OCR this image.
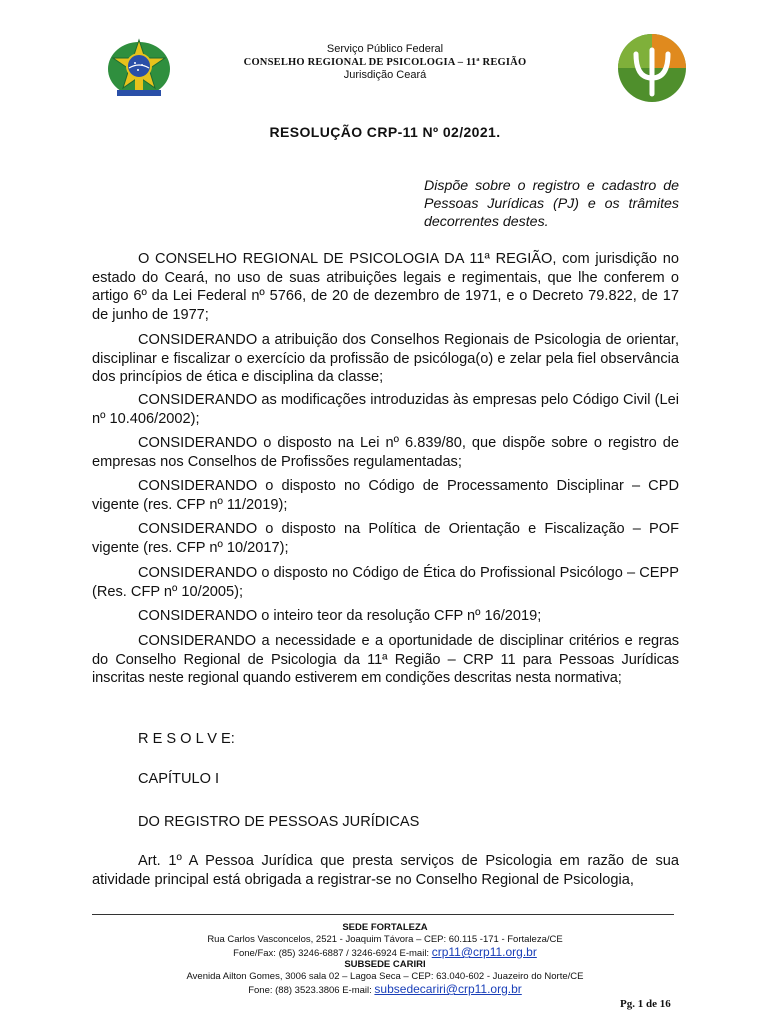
Serviço Público Federal
CONSELHO REGIONAL DE PSICOLOGIA – 11ª REGIÃO
Jurisdição Ceará
RESOLUÇÃO CRP-11 Nº 02/2021.
Dispõe sobre o registro e cadastro de Pessoas Jurídicas (PJ) e os trâmites decorrentes destes.

O CONSELHO REGIONAL DE PSICOLOGIA DA 11ª REGIÃO, com jurisdição no estado do Ceará, no uso de suas atribuições legais e regimentais, que lhe conferem o artigo 6º da Lei Federal nº 5766, de 20 de dezembro de 1971, e o Decreto 79.822, de 17 de junho de 1977;

CONSIDERANDO a atribuição dos Conselhos Regionais de Psicologia de orientar, disciplinar e fiscalizar o exercício da profissão de psicóloga(o) e zelar pela fiel observância dos princípios de ética e disciplina da classe;

CONSIDERANDO as modificações introduzidas às empresas pelo Código Civil (Lei nº 10.406/2002);

CONSIDERANDO o disposto na Lei nº 6.839/80, que dispõe sobre o registro de empresas nos Conselhos de Profissões regulamentadas;

CONSIDERANDO o disposto no Código de Processamento Disciplinar – CPD vigente (res. CFP nº 11/2019);

CONSIDERANDO o disposto na Política de Orientação e Fiscalização – POF vigente (res. CFP nº 10/2017);

CONSIDERANDO o disposto no Código de Ética do Profissional Psicólogo – CEPP (Res. CFP nº 10/2005);

CONSIDERANDO o inteiro teor da resolução CFP nº 16/2019;

CONSIDERANDO a necessidade e a oportunidade de disciplinar critérios e regras do Conselho Regional de Psicologia da 11ª Região – CRP 11 para Pessoas Jurídicas inscritas neste regional quando estiverem em condições descritas nesta normativa;

R E S O L V E:
CAPÍTULO I
DO REGISTRO DE PESSOAS JURÍDICAS

Art. 1º A Pessoa Jurídica que presta serviços de Psicologia em razão de sua atividade principal está obrigada a registrar-se no Conselho Regional de Psicologia,

SEDE FORTALEZA
Rua Carlos Vasconcelos, 2521 - Joaquim Távora – CEP: 60.115 -171 - Fortaleza/CE
Fone/Fax: (85) 3246-6887 / 3246-6924 E-mail: crp11@crp11.org.br
SUBSEDE CARIRI
Avenida Ailton Gomes, 3006 sala 02 – Lagoa Seca – CEP: 63.040-602 - Juazeiro do Norte/CE
Fone: (88) 3523.3806 E-mail: subsedecariri@crp11.org.br
Pg. 1 de 16
